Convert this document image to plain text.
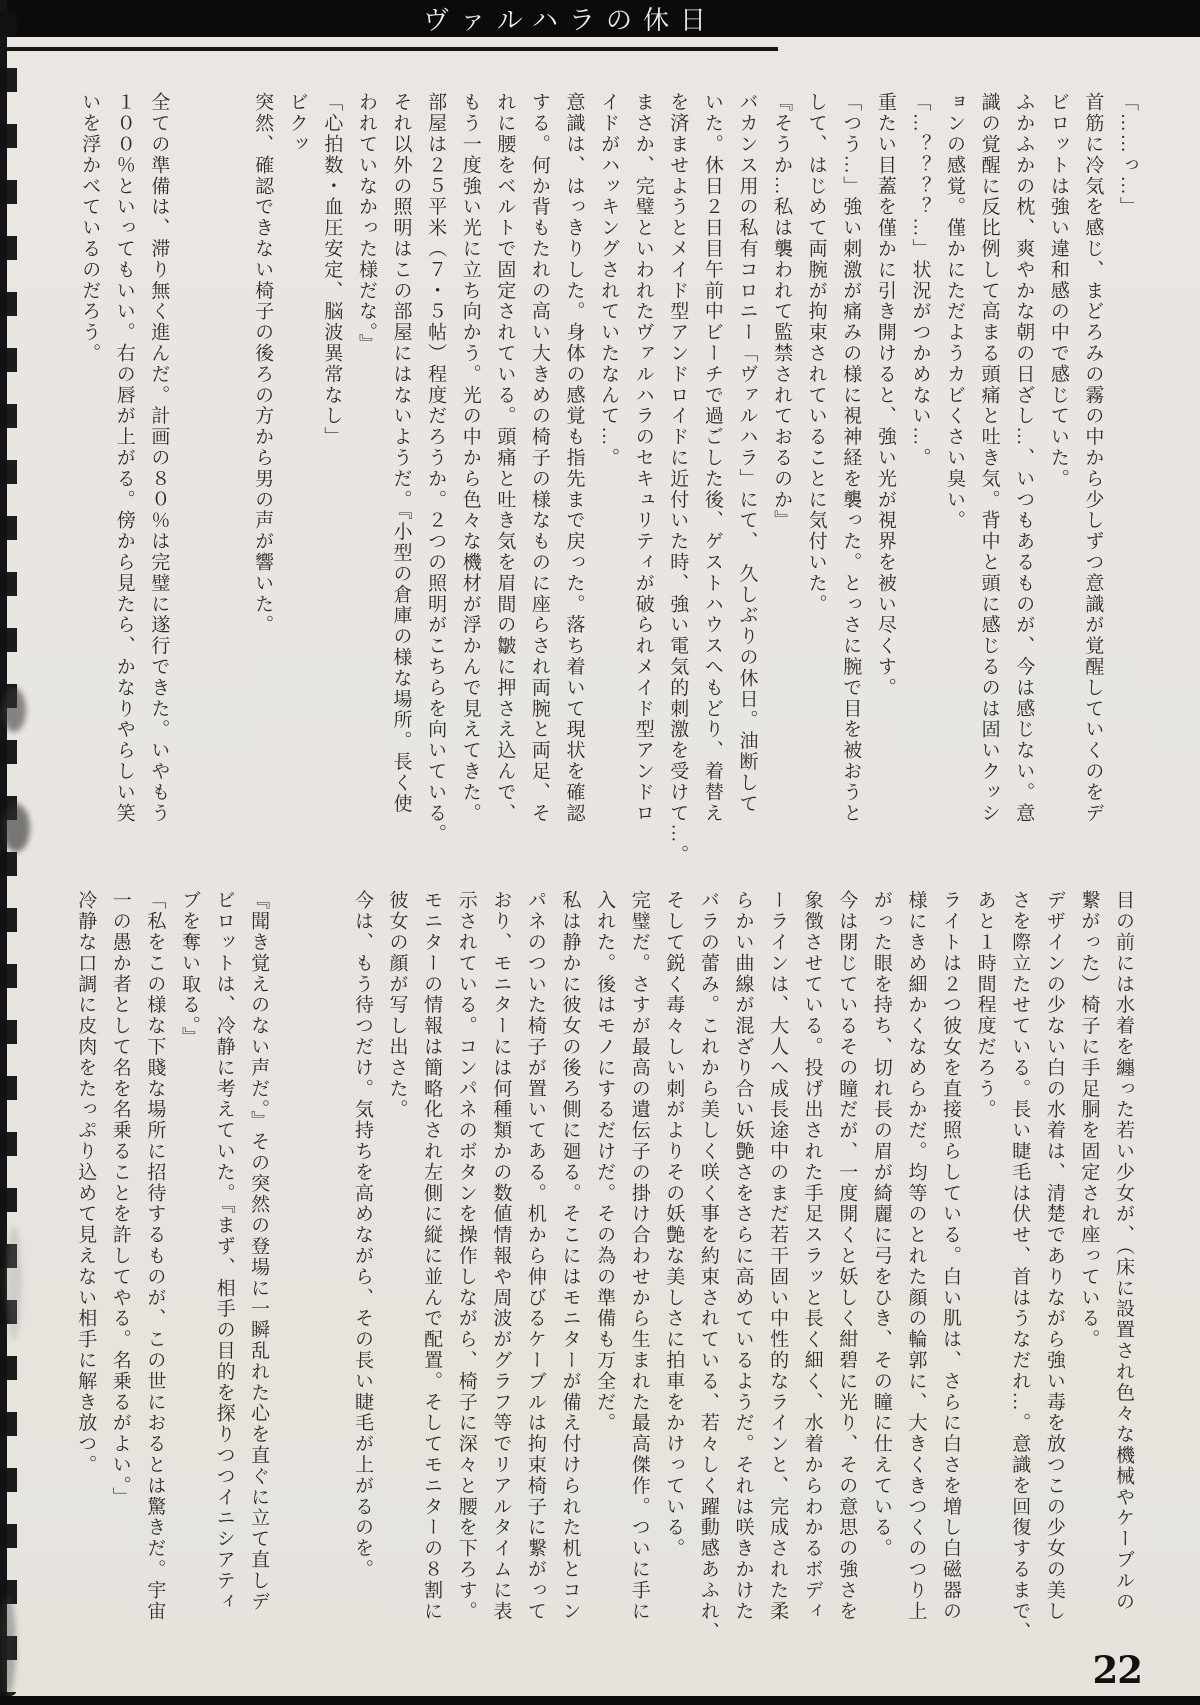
ヴァルハラの休日
「……っ…」
首筋に冷気を感じ、まどろみの霧の中から少しずつ意識が覚醒していくのをデ
ビロットは強い違和感の中で感じていた。
ふかふかの枕、爽やかな朝の日ざし…、いつもあるものが、今は感じない。意
識の覚醒に反比例して高まる頭痛と吐き気。背中と頭に感じるのは固いクッシ
ョンの感覚。僅かにただようカビくさい臭い。
「…？？？？…」状況がつかめない…。
重たい目蓋を僅かに引き開けると、強い光が視界を被い尽くす。
「つう…」強い刺激が痛みの様に視神経を襲った。とっさに腕で目を被おうと
して、はじめて両腕が拘束されていることに気付いた。
『そうか…私は襲われて監禁されておるのか』
バカンス用の私有コロニー「ヴァルハラ」にて、　久しぶりの休日。油断して
いた。休日２日目午前中ビーチで過ごした後、ゲストハウスへもどり、着替え
を済ませようとメイド型アンドロイドに近付いた時、強い電気的刺激を受けて…。
まさか、完璧といわれたヴァルハラのセキュリティが破られメイド型アンドロ
イドがハッキングされていたなんて…。
意識は、はっきりした。身体の感覚も指先まで戻った。落ち着いて現状を確認
する。何か背もたれの高い大きめの椅子の様なものに座らされ両腕と両足、そ
れに腰をベルトで固定されている。頭痛と吐き気を眉間の皺に押さえ込んで、
もう一度強い光に立ち向かう。光の中から色々な機材が浮かんで見えてきた。
部屋は２５平米（７・５帖）程度だろうか。２つの照明がこちらを向いている。
それ以外の照明はこの部屋にはないようだ。『小型の倉庫の様な場所。長く使
われていなかった様だな。』
「心拍数・血圧安定、脳波異常なし」
ビクッ
突然、確認できない椅子の後ろの方から男の声が響いた。
全ての準備は、滞り無く進んだ。計画の８０％は完璧に遂行できた。いやもう
１００％といってもいい。右の唇が上がる。傍から見たら、かなりやらしい笑
いを浮かべているのだろう。
目の前には水着を纏った若い少女が、（床に設置され色々な機械やケーブルの
繋がった）椅子に手足胴を固定され座っている。
デザインの少ない白の水着は、清楚でありながら強い毒を放つこの少女の美し
さを際立たせている。長い睫毛は伏せ、首はうなだれ…。意識を回復するまで、
あと１時間程度だろう。
ライトは２つ彼女を直接照らしている。白い肌は、さらに白さを増し白磁器の
様にきめ細かくなめらかだ。均等のとれた顔の輪郭に、大きくきつくのつり上
がった眼を持ち、切れ長の眉が綺麗に弓をひき、その瞳に仕えている。
今は閉じているその瞳だが、一度開くと妖しく紺碧に光り、その意思の強さを
象徴させている。投げ出された手足スラッと長く細く、水着からわかるボディ
ーラインは、大人へ成長途中のまだ若干固い中性的なラインと、完成された柔
らかい曲線が混ざり合い妖艶さをさらに高めているようだ。それは咲きかけた
バラの蕾み。これから美しく咲く事を約束されている、若々しく躍動感あふれ、
そして鋭く毒々しい刺がよりその妖艶な美しさに拍車をかけっている。
完璧だ。さすが最高の遺伝子の掛け合わせから生まれた最高傑作。ついに手に
入れた。後はモノにするだけだ。その為の準備も万全だ。
私は静かに彼女の後ろ側に廻る。そこにはモニターが備え付けられた机とコン
パネのついた椅子が置いてある。机から伸びるケーブルは拘束椅子に繋がって
おり、モニターには何種類かの数値情報や周波がグラフ等でリアルタイムに表
示されている。コンパネのボタンを操作しながら、椅子に深々と腰を下ろす。
モニターの情報は簡略化され左側に縦に並んで配置。そしてモニターの８割に
彼女の顔が写し出さた。
今は、もう待つだけ。気持ちを高めながら、その長い睫毛が上がるのを。
『聞き覚えのない声だ。』その突然の登場に一瞬乱れた心を直ぐに立て直しデ
ビロットは、冷静に考えていた。『まず、相手の目的を探りつつイニシアティ
ブを奪い取る。』
「私をこの様な下賤な場所に招待するものが、この世におるとは驚きだ。宇宙
一の愚か者として名を名乗ることを許してやる。名乗るがよい。」
冷静な口調に皮肉をたっぷり込めて見えない相手に解き放つ。
22
